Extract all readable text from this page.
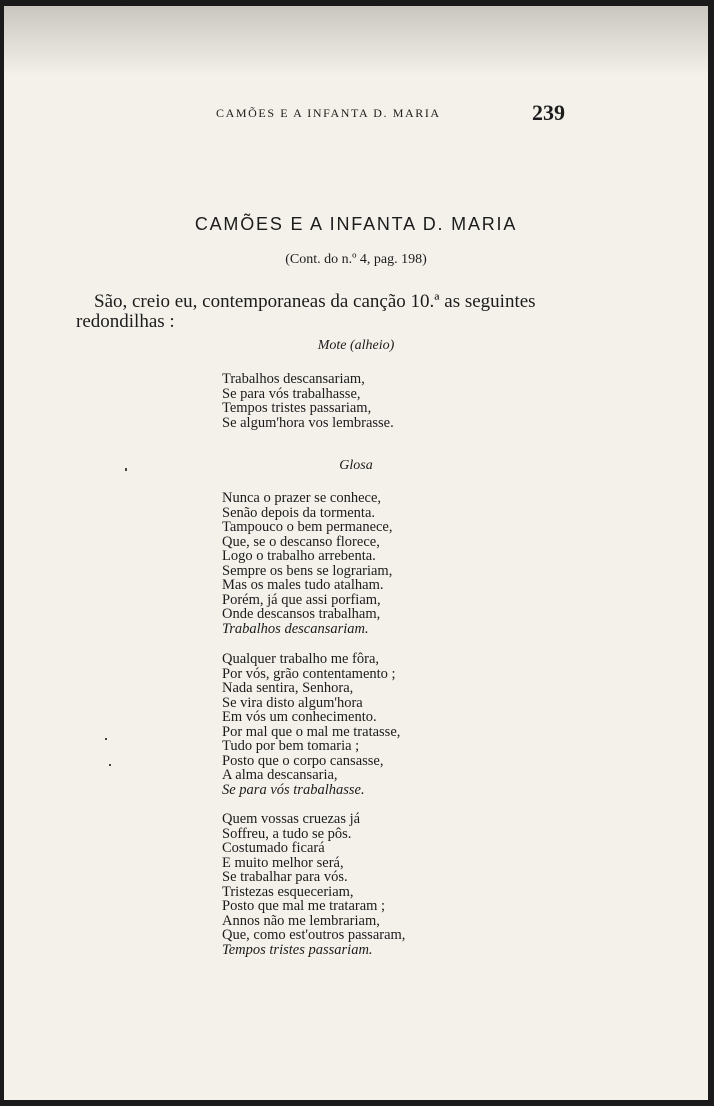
CAMÕES E A INFANTA D. MARIA	239
CAMÕES E A INFANTA D. MARIA
(Cont. do n.º 4, pag. 198)
São, creio eu, contemporaneas da canção 10.ª as seguintes
redondilhas :
Mote (alheio)
Trabalhos descansariam,
Se para vós trabalhasse,
Tempos tristes passariam,
Se algum'hora vos lembrasse.
Glosa
Nunca o prazer se conhece,
Senão depois da tormenta.
Tampouco o bem permanece,
Que, se o descanso florece,
Logo o trabalho arrebenta.
Sempre os bens se lograriam,
Mas os males tudo atalham.
Porém, já que assi porfiam,
Onde descansos trabalham,
Trabalhos descansariam.
Qualquer trabalho me fôra,
Por vós, grão contentamento ;
Nada sentira, Senhora,
Se vira disto algum'hora
Em vós um conhecimento.
Por mal que o mal me tratasse,
Tudo por bem tomaria ;
Posto que o corpo cansasse,
A alma descansaria,
Se para vós trabalhasse.
Quem vossas cruezas já
Soffreu, a tudo se pôs.
Costumado ficará
E muito melhor será,
Se trabalhar para vós.
Tristezas esqueceriam,
Posto que mal me trataram ;
Annos não me lembrariam,
Que, como est'outros passaram,
Tempos tristes passariam.
